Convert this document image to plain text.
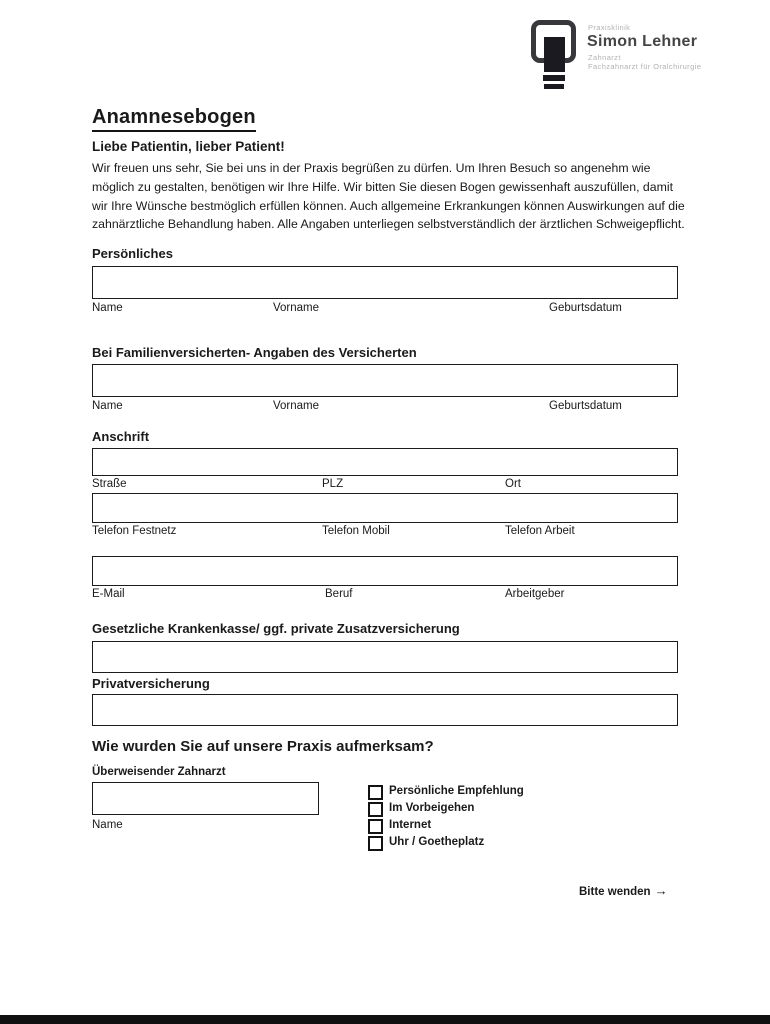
Praxisklinik
Simon Lehner
Zahnarzt
Fachzahnarzt für Oralchirurgie
Anamnesebogen
Liebe Patientin, lieber Patient!
Wir freuen uns sehr, Sie bei uns in der Praxis begrüßen zu dürfen. Um Ihren Besuch so angenehm wie möglich zu gestalten, benötigen wir Ihre Hilfe. Wir bitten Sie diesen Bogen gewissenhaft auszufüllen, damit wir Ihre Wünsche bestmöglich erfüllen können. Auch allgemeine Erkrankungen können Auswirkungen auf die zahnärztliche Behandlung haben. Alle Angaben unterliegen selbstverständlich der ärztlichen Schweigepflicht.
Persönliches
Name	Vorname	Geburtsdatum
Bei Familienversicherten- Angaben des Versicherten
Name	Vorname	Geburtsdatum
Anschrift
Straße	PLZ	Ort
Telefon Festnetz	Telefon Mobil	Telefon Arbeit
E-Mail	Beruf	Arbeitgeber
Gesetzliche Krankenkasse/ ggf. private Zusatzversicherung
Privatversicherung
Wie wurden Sie auf unsere Praxis aufmerksam?
Überweisender Zahnarzt
Name
Persönliche Empfehlung
Im Vorbeigehen
Internet
Uhr / Goetheplatz
Bitte wenden →
